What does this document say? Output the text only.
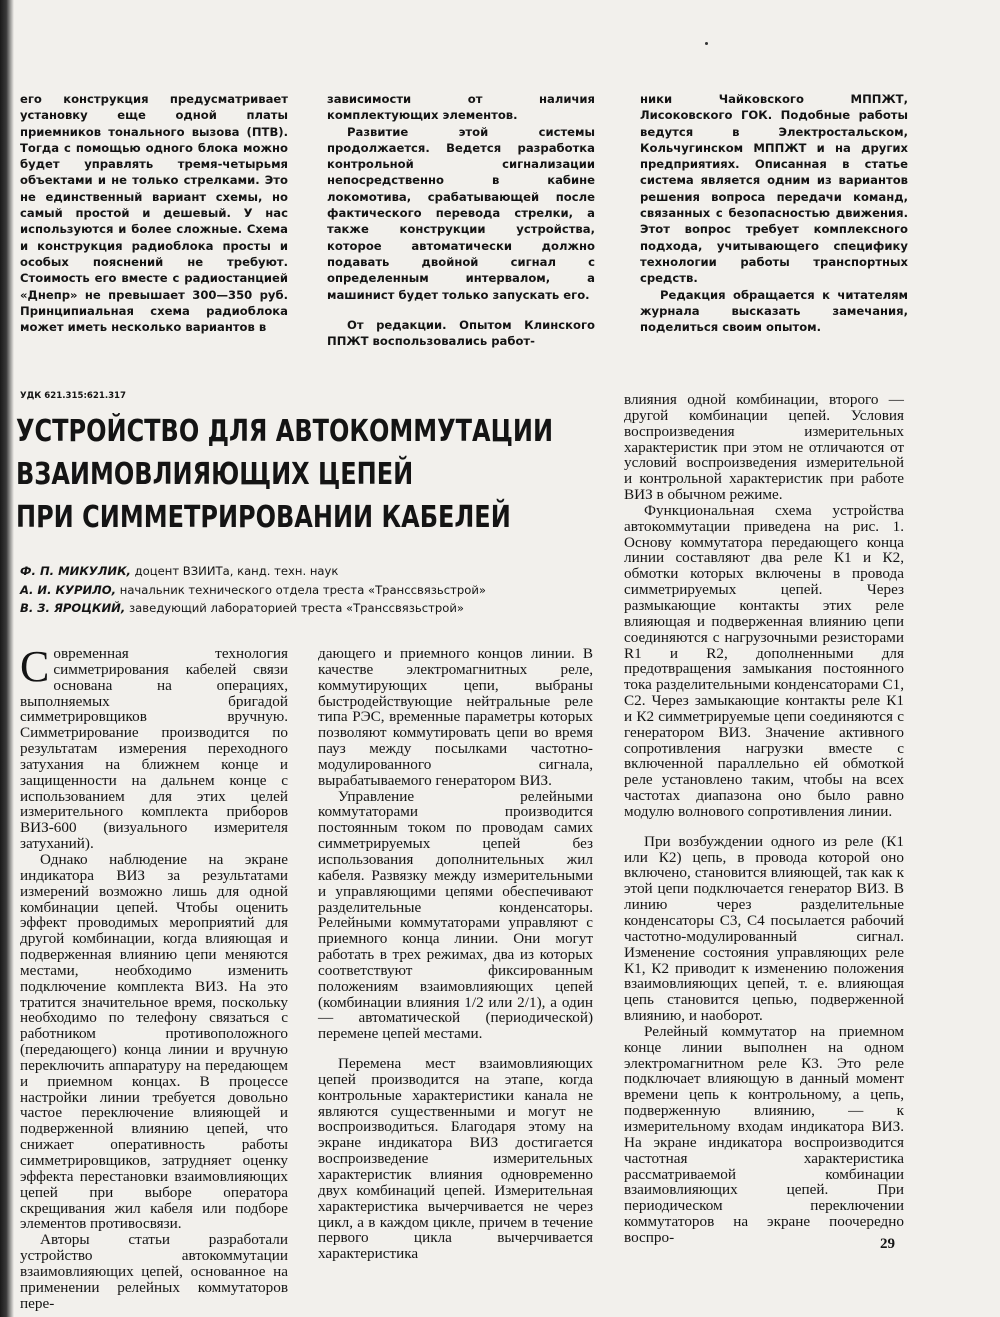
его конструкция предусматривает установку еще одной платы приемников тонального вызова (ПТВ). Тогда с помощью одного блока можно будет управлять тремя-четырьмя объектами и не только стрелками. Это не единственный вариант схемы, но самый простой и дешевый. У нас используются и более сложные. Схема и конструкция радиоблока просты и особых пояснений не требуют. Стоимость его вместе с радиостанцией «Днепр» не превышает 300—350 руб. Принципиальная схема радиоблока может иметь несколько вариантов в

зависимости от наличия комплектующих элементов.

Развитие этой системы продолжается. Ведется разработка контрольной сигнализации непосредственно в кабине локомотива, срабатывающей после фактического перевода стрелки, а также конструкции устройства, которое автоматически должно подавать двойной сигнал с определенным интервалом, а машинист будет только запускать его.

От редакции. Опытом Клинского ППЖТ воспользовались работ-

ники Чайковского МППЖТ, Лисоковского ГОК. Подобные работы ведутся в Электростальском, Кольчугинском МППЖТ и на других предприятиях. Описанная в статье система является одним из вариантов решения вопроса передачи команд, связанных с безопасностью движения. Этот вопрос требует комплексного подхода, учитывающего специфику технологии работы транспортных средств.

Редакция обращается к читателям журнала высказать замечания, поделиться своим опытом.

УДК 621.315:621.317
УСТРОЙСТВО ДЛЯ АВТОКОММУТАЦИИ
ВЗАИМОВЛИЯЮЩИХ ЦЕПЕЙ
ПРИ СИММЕТРИРОВАНИИ КАБЕЛЕЙ
Ф. П. МИКУЛИК, доцент ВЗИИТа, канд. техн. наук
А. И. КУРИЛО, начальник технического отдела треста «Транссвязьстрой»
В. З. ЯРОЦКИЙ, заведующий лабораторией треста «Транссвязьстрой»

Современная технология симметрирования кабелей связи основана на операциях, выполняемых бригадой симметрировщиков вручную. Симметрирование производится по результатам измерения переходного затухания на ближнем конце и защищенности на дальнем конце с использованием для этих целей измерительного комплекта приборов ВИЗ-600 (визуального измерителя затуханий).

Однако наблюдение на экране индикатора ВИЗ за результатами измерений возможно лишь для одной комбинации цепей. Чтобы оценить эффект проводимых мероприятий для другой комбинации, когда влияющая и подверженная влиянию цепи меняются местами, необходимо изменить подключение комплекта ВИЗ. На это тратится значительное время, поскольку необходимо по телефону связаться с работником противоположного (передающего) конца линии и вручную переключить аппаратуру на передающем и приемном концах. В процессе настройки линии требуется довольно частое переключение влияющей и подверженной влиянию цепей, что снижает оперативность работы симметрировщиков, затрудняет оценку эффекта перестановки взаимовлияющих цепей при выборе оператора скрещивания жил кабеля или подборе элементов противосвязи.

Авторы статьи разработали устройство автокоммутации взаимовлияющих цепей, основанное на применении релейных коммутаторов пере-

дающего и приемного концов линии. В качестве электромагнитных реле, коммутирующих цепи, выбраны быстродействующие нейтральные реле типа РЭС, временные параметры которых позволяют коммутировать цепи во время пауз между посылками частотно-модулированного сигнала, вырабатываемого генератором ВИЗ.

Управление релейными коммутаторами производится постоянным током по проводам самих симметрируемых цепей без использования дополнительных жил кабеля. Развязку между измерительными и управляющими цепями обеспечивают разделительные конденсаторы. Релейными коммутаторами управляют с приемного конца линии. Они могут работать в трех режимах, два из которых соответствуют фиксированным положениям взаимовлияющих цепей (комбинации влияния 1/2 или 2/1), а один — автоматической (периодической) перемене цепей местами.

Перемена мест взаимовлияющих цепей производится на этапе, когда контрольные характеристики канала не являются существенными и могут не воспроизводиться. Благодаря этому на экране индикатора ВИЗ достигается воспроизведение измерительных характеристик влияния одновременно двух комбинаций цепей. Измерительная характеристика вычерчивается не через цикл, а в каждом цикле, причем в течение первого цикла вычерчивается характеристика

влияния одной комбинации, второго — другой комбинации цепей. Условия воспроизведения измерительных характеристик при этом не отличаются от условий воспроизведения измерительной и контрольной характеристик при работе ВИЗ в обычном режиме.

Функциональная схема устройства автокоммутации приведена на рис. 1. Основу коммутатора передающего конца линии составляют два реле К1 и К2, обмотки которых включены в провода симметрируемых цепей. Через размыкающие контакты этих реле влияющая и подверженная влиянию цепи соединяются с нагрузочными резисторами R1 и R2, дополненными для предотвращения замыкания постоянного тока разделительными конденсаторами С1, С2. Через замыкающие контакты реле К1 и К2 симметрируемые цепи соединяются с генератором ВИЗ. Значение активного сопротивления нагрузки вместе с включенной параллельно ей обмоткой реле установлено таким, чтобы на всех частотах диапазона оно было равно модулю волнового сопротивления линии.

При возбуждении одного из реле (К1 или К2) цепь, в провода которой оно включено, становится влияющей, так как к этой цепи подключается генератор ВИЗ. В линию через разделительные конденсаторы С3, С4 посылается рабочий частотно-модулированный сигнал. Изменение состояния управляющих реле К1, К2 приводит к изменению положения взаимовлияющих цепей, т. е. влияющая цепь становится цепью, подверженной влиянию, и наоборот.

Релейный коммутатор на приемном конце линии выполнен на одном электромагнитном реле К3. Это реле подключает влияющую в данный момент времени цепь к контрольному, а цепь, подверженную влиянию, — к измерительному входам индикатора ВИЗ. На экране индикатора воспроизводится частотная характеристика рассматриваемой комбинации взаимовлияющих цепей. При периодическом переключении коммутаторов на экране поочередно воспро-	29
